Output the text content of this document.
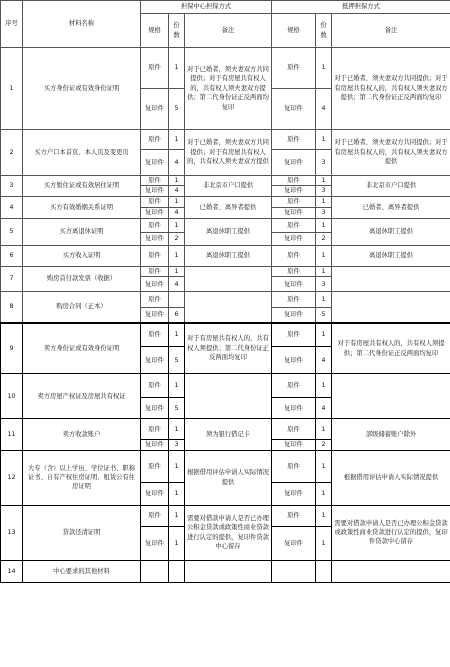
序号	材料名称	担保中心担保方式			抵押担保方式		
		规格	份数	备注	规格	份数	备注
1	买方身份证或有效身份证明	原件	1	对于已婚者，须夫妻双方共同提供；对于有房屋共有权人的，共有权人须夫妻双方提供；第二代身份证正反两面均复印	原件	1	对于已婚者，须夫妻双方共同提供；对于有房屋共有权人的，共有权人须夫妻双方提供；第二代身份证正反两面均复印
		复印件	5		复印件	4	
2	买方户口本首页、本人页及变更页	原件	1	对于已婚者，须夫妻双方共同提供；对于有房屋共有权人的，共有权人须夫妻双方提供	原件	1	对于已婚者，须夫妻双方共同提供；对于有房屋共有权人的，共有权人须夫妻双方提供
		复印件	4		复印件	3	
3	买方暂住证或有效居住证明	原件	1	非北京市户口提供	原件	1	非北京市户口提供
		复印件	4		复印件	3	
4	买方有效婚姻关系证明	原件	1	已婚者、离异者提供	原件	1	已婚者、离异者提供
		复印件	4		复印件	3	
5	买方离退休证明	原件	1	离退休职工提供	原件	1	离退休职工提供
		复印件	2		复印件	2	
6	买方收入证明	原件	1	离退休职工提供	原件	1	离退休职工提供
7	购房首付款发票（收据）	原件	1		原件	1	
		复印件	4		复印件	3	
8	购房合同（正本）	原件			原件	1	
		复印件	6		复印件	5	
9	卖方身份证或有效身份证明	原件	1	对于有房屋共有权人的，共有权人须提供；第二代身份证正反两面均复印	原件	1	对于有房屋共有权人的，共有权人须提供；第二代身份证正反两面均复印
		复印件	5		复印件	4	
10	卖方房屋产权证及房屋共有权证	原件	1		原件	1	
		复印件	5		复印件	4	
11	卖方收款账户	原件	1	须为银行借记卡	原件	1	部级储蓄账户除外
		复印件	3		复印件	2	
12	大专（含）以上学历、学位证书、职称证书、自有产权住房证明、租赁公有住房证明	原件	1	根据借用评估申请人实际情况提供	原件	1	根据借用评估申请人实际情况提供
		复印件	1		复印件	1	
13	贷款还清证明	原件	1	需要对借款申请人是否已办理公积金贷款或政策性商业贷款进行认定的提供，复印件贷款中心留存	原件	1	需要对借款申请人是否已办理公积金贷款或政策性商业贷款进行认定的提供，复印件贷款中心留存
		复印件	1		复印件	1	
14	中心要求的其他材料						
